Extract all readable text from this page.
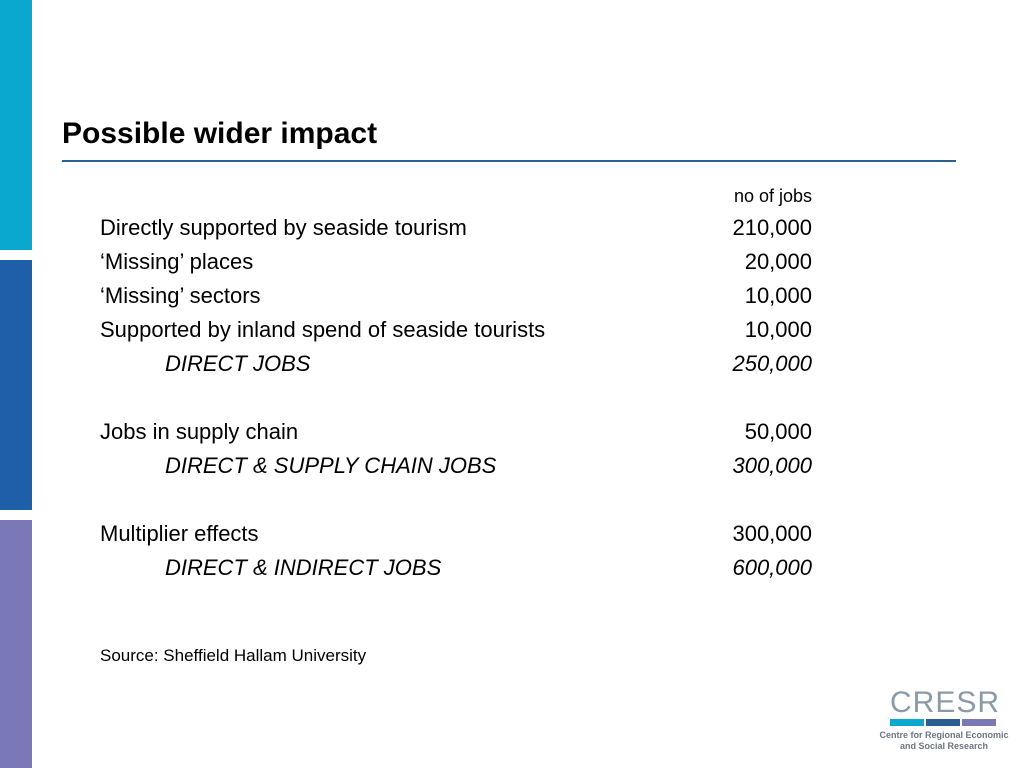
Possible wider impact
no of jobs
Directly supported by seaside tourism	210,000
‘Missing’ places	20,000
‘Missing’ sectors	10,000
Supported by inland spend of seaside tourists	10,000
DIRECT JOBS	250,000
Jobs in supply chain	50,000
DIRECT & SUPPLY CHAIN JOBS	300,000
Multiplier effects	300,000
DIRECT & INDIRECT JOBS	600,000
Source: Sheffield Hallam University
CRESR
Centre for Regional Economic
and Social Research
